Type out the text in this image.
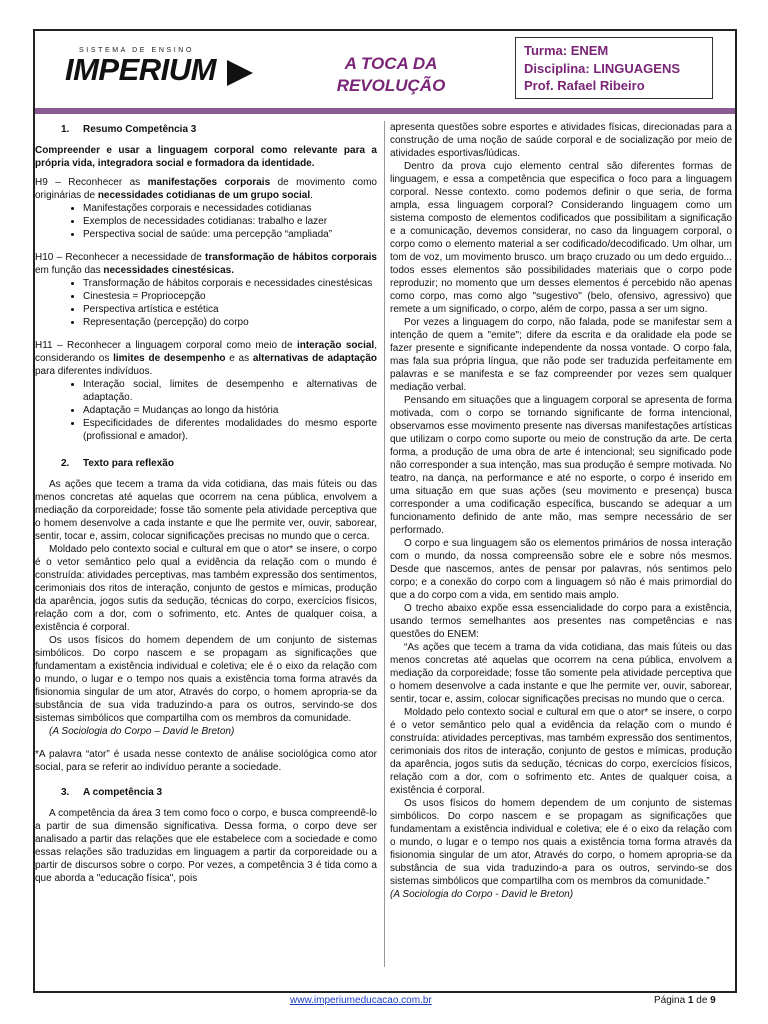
SISTEMA DE ENSINO
IMPERIUM	A TOCA DA
REVOLUÇÃO
Turma: ENEM
Disciplina: LINGUAGENS
Prof. Rafael Ribeiro
1. Resumo Competência 3

Compreender e usar a linguagem corporal como relevante para a própria vida, integradora social e formadora da identidade.

H9 – Reconhecer as manifestações corporais de movimento como originárias de necessidades cotidianas de um grupo social.

• Manifestações corporais e necessidades cotidianas
• Exemplos de necessidades cotidianas: trabalho e lazer
• Perspectiva social de saúde: uma percepção “ampliada”

H10 – Reconhecer a necessidade de transformação de hábitos corporais em função das necessidades cinestésicas.

• Transformação de hábitos corporais e necessidades cinestésicas
• Cinestesia = Propriocepção
• Perspectiva artística e estética
• Representação (percepção) do corpo

H11 – Reconhecer a linguagem corporal como meio de interação social, considerando os limites de desempenho e as alternativas de adaptação para diferentes indivíduos.

• Interação social, limites de desempenho e alternativas de adaptação.
• Adaptação = Mudanças ao longo da história
• Especificidades de diferentes modalidades do mesmo esporte (profissional e amador).
2. Texto para reflexão

As ações que tecem a trama da vida cotidiana, das mais fúteis ou das menos concretas até aquelas que ocorrem na cena pública, envolvem a mediação da corporeidade; fosse tão somente pela atividade perceptiva que o homem desenvolve a cada instante e que lhe permite ver, ouvir, saborear, sentir, tocar e, assim, colocar significações precisas no mundo que o cerca.

Moldado pelo contexto social e cultural em que o ator* se insere, o corpo é o vetor semântico pelo qual a evidência da relação com o mundo é construída: atividades perceptivas, mas também expressão dos sentimentos, cerimoniais dos ritos de interação, conjunto de gestos e mímicas, produção da aparência, jogos sutis da sedução, técnicas do corpo, exercícios físicos, relação com a dor, com o sofrimento, etc. Antes de qualquer coisa, a existência é corporal.

Os usos físicos do homem dependem de um conjunto de sistemas simbólicos. Do corpo nascem e se propagam as significações que fundamentam a existência individual e coletiva; ele é o eixo da relação com o mundo, o lugar e o tempo nos quais a existência toma forma através da fisionomia singular de um ator, Através do corpo, o homem apropria-se da substância de sua vida traduzindo-a para os outros, servindo-se dos sistemas simbólicos que compartilha com os membros da comunidade.

(A Sociologia do Corpo – David le Breton)

*A palavra “ator” é usada nesse contexto de análise sociológica como ator social, para se referir ao indivíduo perante a sociedade.

3. A competência 3

A competência da área 3 tem como foco o corpo, e busca compreendê-lo a partir de sua dimensão significativa. Dessa forma, o corpo deve ser analisado a partir das relações que ele estabelece com a sociedade e como essas relações são traduzidas em linguagem a partir da corporeidade ou a partir de discursos sobre o corpo. Por vezes, a competência 3 é tida como a que aborda a "educação física", pois

apresenta questões sobre esportes e atividades físicas, direcionadas para a construção de uma noção de saúde corporal e de socialização por meio de atividades esportivas/lúdicas.

Dentro da prova cujo elemento central são diferentes formas de linguagem, e essa a competência que especifica o foco para a linguagem corporal. Nesse contexto. como podemos definir o que seria, de forma ampla, essa linguagem corporal? Considerando linguagem como um sistema composto de elementos codificados que possibilitam a significação e a comunicação, devemos considerar, no caso da linguagem corporal, o corpo como o elemento material a ser codificado/decodificado. Um olhar, um tom de voz, um movimento brusco. um braço cruzado ou um dedo erguido... todos esses elementos são possibilidades materiais que o corpo pode reproduzir; no momento que um desses elementos é percebido não apenas como corpo, mas como algo "sugestivo" (belo, ofensivo, agressivo) que remete a um significado, o corpo, além de corpo, passa a ser um signo.

Por vezes a linguagem do corpo, não falada, pode se manifestar sem a intenção de quem a "emite"; difere da escrita e da oralidade ela pode se fazer presente e significante independente da nossa vontade. O corpo fala, mas fala sua própria língua, que não pode ser traduzida perfeitamente em palavras e se manifesta e se faz compreender por vezes sem qualquer mediação verbal.

Pensando em situações que a linguagem corporal se apresenta de forma motivada, com o corpo se tornando significante de forma intencional, observamos esse movimento presente nas diversas manifestações artísticas que utilizam o corpo como suporte ou meio de construção da arte. De certa forma, a produção de uma obra de arte é intencional; seu significado pode não corresponder a sua intenção, mas sua produção é sempre motivada. No teatro, na dança, na performance e até no esporte, o corpo é inserido em uma situação em que suas ações (seu movimento e presença) busca corresponder a uma codificação específica, buscando se adequar a um funcionamento definido de ante mão, mas sempre necessário de ser performado.

O corpo e sua linguagem são os elementos primários de nossa interação com o mundo, da nossa compreensão sobre ele e sobre nós mesmos. Desde que nascemos, antes de pensar por palavras, nós sentimos pelo corpo; e a conexão do corpo com a linguagem só não é mais primordial do que a do corpo com a vida, em sentido mais amplo.

O trecho abaixo expõe essa essencialidade do corpo para a existência, usando termos semelhantes aos presentes nas competências e nas questões do ENEM:

“As ações que tecem a trama da vida cotidiana, das mais fúteis ou das menos concretas até aquelas que ocorrem na cena pública, envolvem a mediação da corporeidade; fosse tão somente pela atividade perceptiva que o homem desenvolve a cada instante e que lhe permite ver, ouvir, saborear, sentir, tocar e, assim, colocar significações precisas no mundo que o cerca.

Moldado pelo contexto social e cultural em que o ator* se insere, o corpo é o vetor semântico pelo qual a evidência da relação com o mundo é construída: atividades perceptivas, mas também expressão dos sentimentos, cerimoniais dos ritos de interação, conjunto de gestos e mímicas, produção da aparência, jogos sutis da sedução, técnicas do corpo, exercícios físicos, relação com a dor, com o sofrimento etc. Antes de qualquer coisa, a existência é corporal.

Os usos físicos do homem dependem de um conjunto de sistemas simbólicos. Do corpo nascem e se propagam as significações que fundamentam a existência individual e coletiva; ele é o eixo da relação com o mundo, o lugar e o tempo nos quais a existência toma forma através da fisionomia singular de um ator, Através do corpo, o homem apropria-se da substância de sua vida traduzindo-a para os outros, servindo-se dos sistemas simbólicos que compartilha com os membros da comunidade.”

(A Sociologia do Corpo - David le Breton)

www.imperiumeducacao.com.br	Página 1 de 9
